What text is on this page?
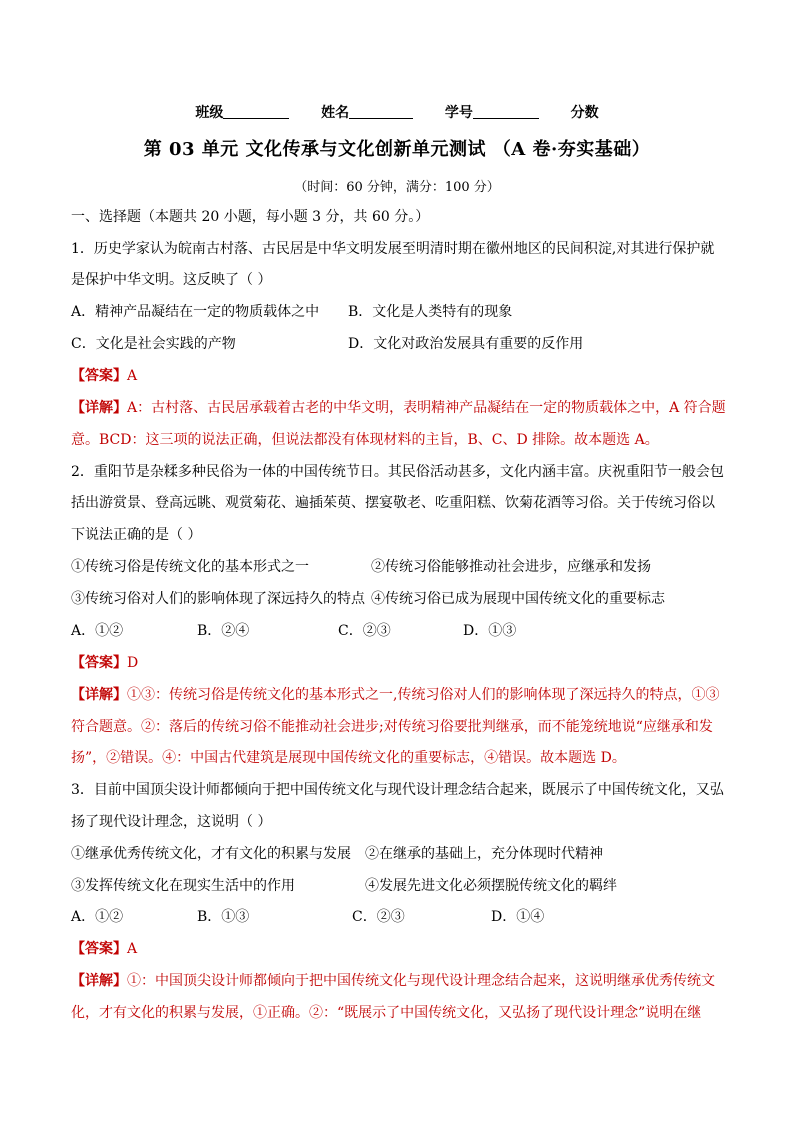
班级	姓名	学号	分数
第 03 单元 文化传承与文化创新单元测试 （A 卷·夯实基础）
（时间：60 分钟，满分：100 分）
一、选择题（本题共 20 小题，每小题 3 分，共 60 分。）
1．历史学家认为皖南古村落、古民居是中华文明发展至明清时期在徽州地区的民间积淀,对其进行保护就
是保护中华文明。这反映了（ ）
A．精神产品凝结在一定的物质载体之中 B．文化是人类特有的现象
C．文化是社会实践的产物	D．文化对政治发展具有重要的反作用
【答案】A
【详解】A：古村落、古民居承载着古老的中华文明，表明精神产品凝结在一定的物质载体之中，A 符合题
意。BCD：这三项的说法正确，但说法都没有体现材料的主旨，B、C、D 排除。故本题选 A。
2．重阳节是杂糅多种民俗为一体的中国传统节日。其民俗活动甚多，文化内涵丰富。庆祝重阳节一般会包
括出游赏景、登高远眺、观赏菊花、遍插茱萸、摆宴敬老、吃重阳糕、饮菊花酒等习俗。关于传统习俗以
下说法正确的是（ ）
①传统习俗是传统文化的基本形式之一	②传统习俗能够推动社会进步，应继承和发扬
③传统习俗对人们的影响体现了深远持久的特点 ④传统习俗已成为展现中国传统文化的重要标志
A．①②	B．②④	C．②③	D．①③
【答案】D
【详解】①③：传统习俗是传统文化的基本形式之一,传统习俗对人们的影响体现了深远持久的特点，①③
符合题意。②：落后的传统习俗不能推动社会进步;对传统习俗要批判继承，而不能笼统地说“应继承和发
扬”，②错误。④：中国古代建筑是展现中国传统文化的重要标志，④错误。故本题选 D。
3．目前中国顶尖设计师都倾向于把中国传统文化与现代设计理念结合起来，既展示了中国传统文化，又弘
扬了现代设计理念，这说明（ ）
①继承优秀传统文化，才有文化的积累与发展 ②在继承的基础上，充分体现时代精神
③发挥传统文化在现实生活中的作用	④发展先进文化必须摆脱传统文化的羁绊
A．①②	B．①③	C．②③	D．①④
【答案】A
【详解】①：中国顶尖设计师都倾向于把中国传统文化与现代设计理念结合起来，这说明继承优秀传统文
化，才有文化的积累与发展，①正确。②：“既展示了中国传统文化，又弘扬了现代设计理念”说明在继
